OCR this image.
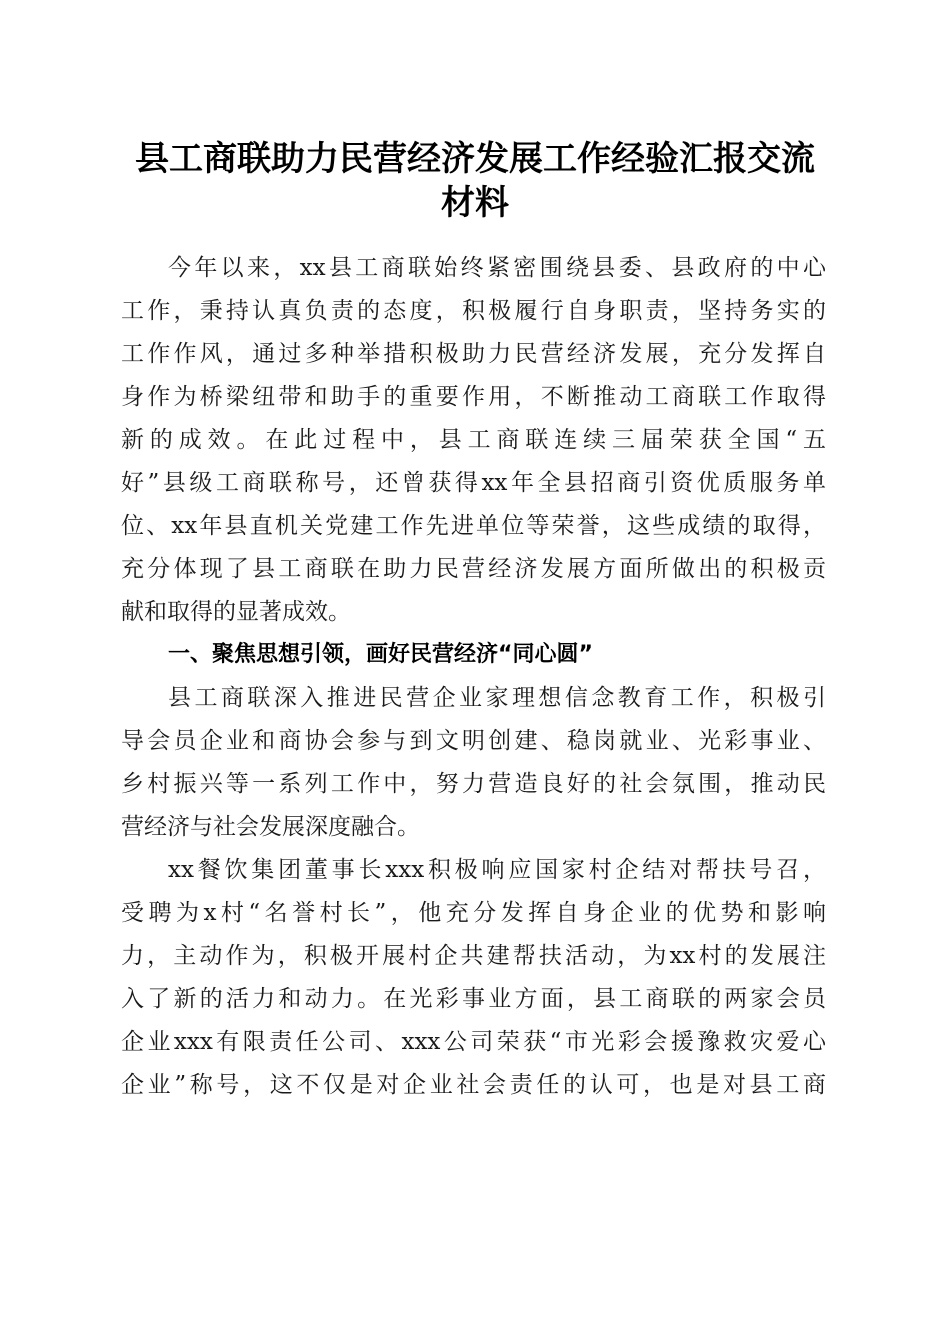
县工商联助力民营经济发展工作经验汇报交流
材料
今年以来，xx县工商联始终紧密围绕县委、县政府的中心
工作，秉持认真负责的态度，积极履行自身职责，坚持务实的
工作作风，通过多种举措积极助力民营经济发展，充分发挥自
身作为桥梁纽带和助手的重要作用，不断推动工商联工作取得
新的成效。在此过程中，县工商联连续三届荣获全国“五
好”县级工商联称号，还曾获得xx年全县招商引资优质服务单
位、xx年县直机关党建工作先进单位等荣誉，这些成绩的取得，
充分体现了县工商联在助力民营经济发展方面所做出的积极贡
献和取得的显著成效。
一、聚焦思想引领，画好民营经济“同心圆”
县工商联深入推进民营企业家理想信念教育工作，积极引
导会员企业和商协会参与到文明创建、稳岗就业、光彩事业、
乡村振兴等一系列工作中，努力营造良好的社会氛围，推动民
营经济与社会发展深度融合。
xx餐饮集团董事长xxx积极响应国家村企结对帮扶号召，
受聘为x村“名誉村长”，他充分发挥自身企业的优势和影响
力，主动作为，积极开展村企共建帮扶活动，为xx村的发展注
入了新的活力和动力。在光彩事业方面，县工商联的两家会员
企业xxx有限责任公司、xxx公司荣获“市光彩会援豫救灾爱心
企业”称号，这不仅是对企业社会责任的认可，也是对县工商
